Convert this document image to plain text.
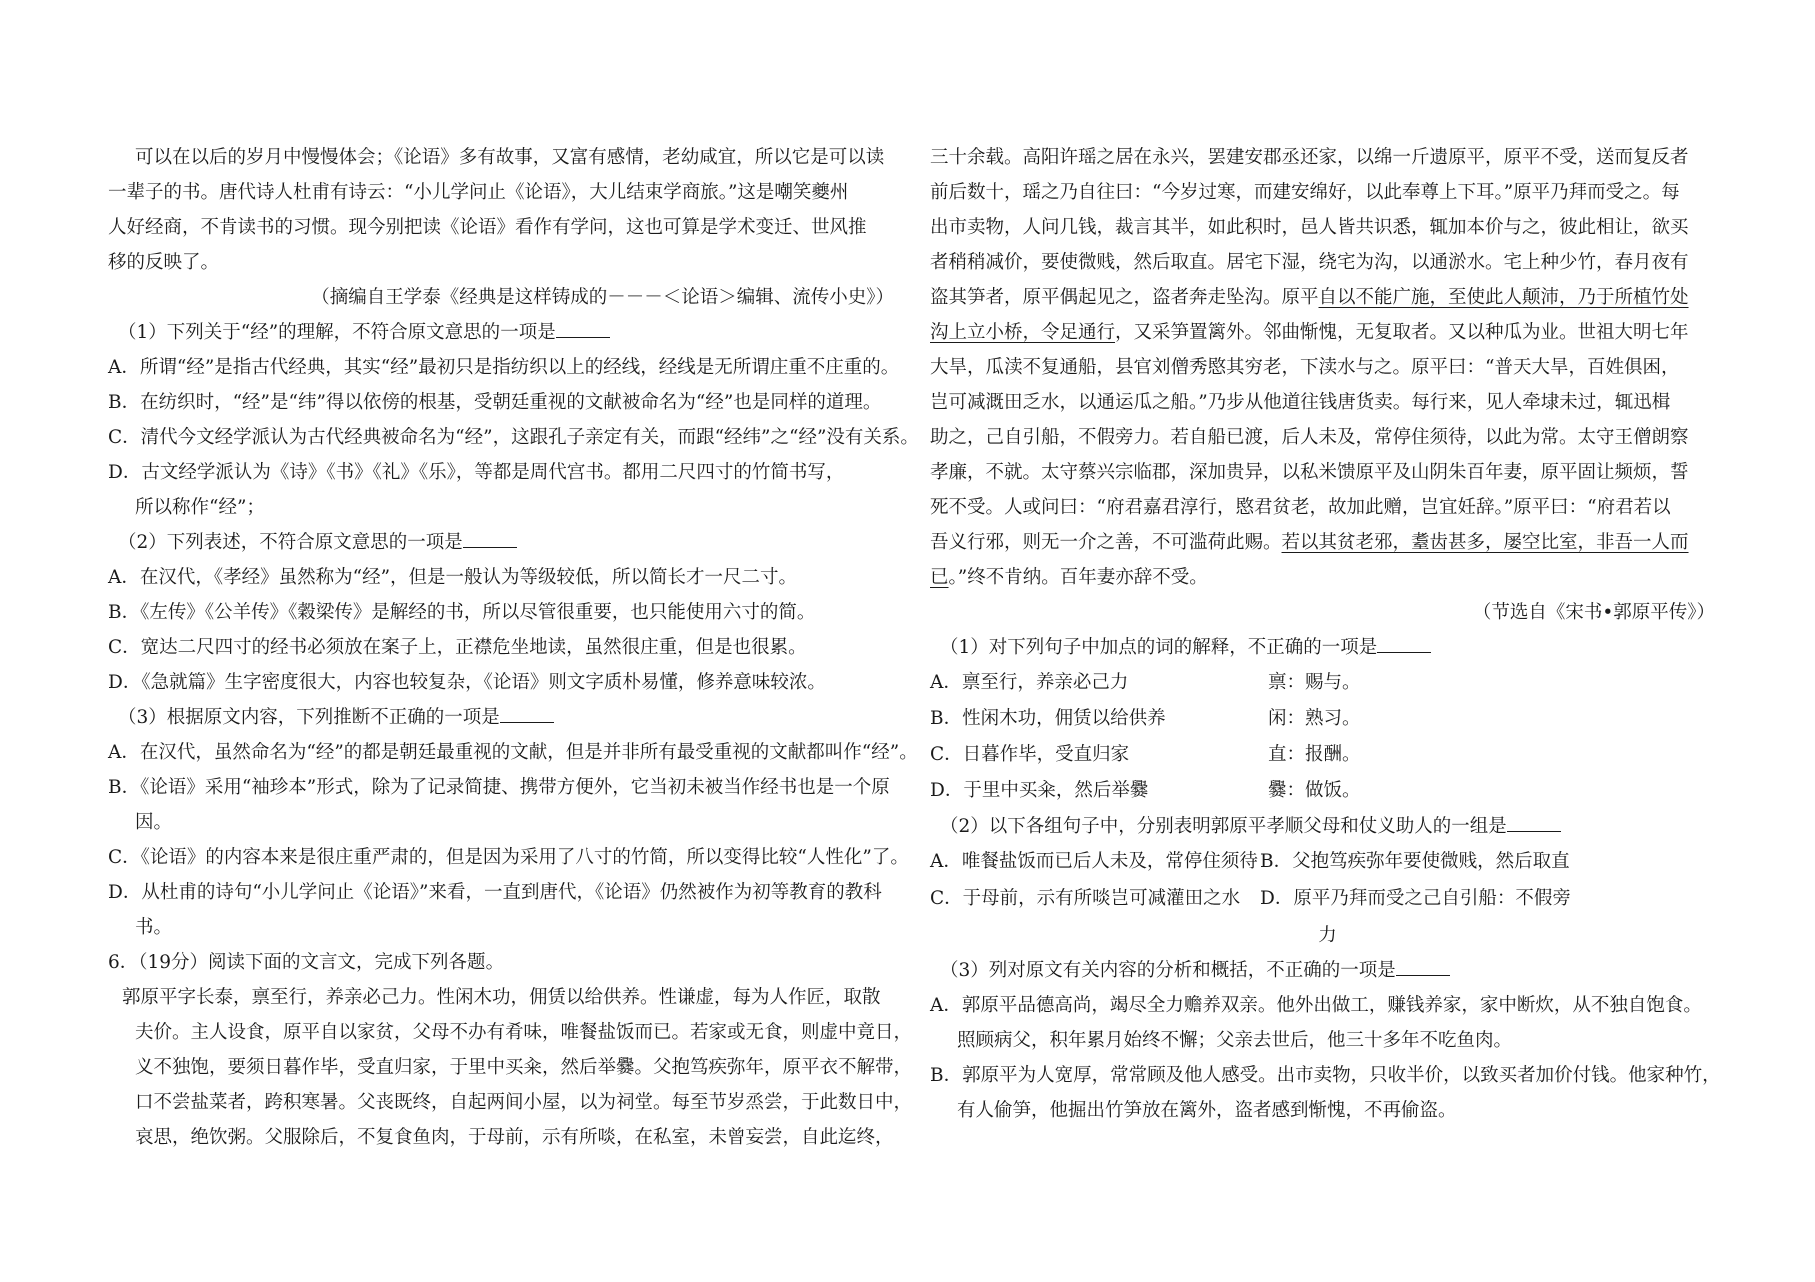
可以在以后的岁月中慢慢体会；《论语》多有故事，又富有感情，老幼咸宜，所以它是可以读
一辈子的书。唐代诗人杜甫有诗云：“小儿学问止《论语》，大儿结束学商旅。”这是嘲笑夔州
人好经商，不肯读书的习惯。现今别把读《论语》看作有学问，这也可算是学术变迁、世风推
移的反映了。
（摘编自王学泰《经典是这样铸成的－－－＜论语＞编辑、流传小史》）
（1）下列关于“经”的理解，不符合原文意思的一项是
A．所谓“经”是指古代经典，其实“经”最初只是指纺织以上的经线，经线是无所谓庄重不庄重的。
B．在纺织时，“经”是“纬”得以依傍的根基，受朝廷重视的文献被命名为“经”也是同样的道理。
C．清代今文经学派认为古代经典被命名为“经”，这跟孔子亲定有关，而跟“经纬”之“经”没有关系。
D．古文经学派认为《诗》《书》《礼》《乐》，等都是周代宫书。都用二尺四寸的竹简书写，
所以称作“经”；
（2）下列表述，不符合原文意思的一项是
A．在汉代，《孝经》虽然称为“经”，但是一般认为等级较低，所以简长才一尺二寸。
B．《左传》《公羊传》《穀梁传》是解经的书，所以尽管很重要，也只能使用六寸的简。
C．宽达二尺四寸的经书必须放在案子上，正襟危坐地读，虽然很庄重，但是也很累。
D．《急就篇》生字密度很大，内容也较复杂，《论语》则文字质朴易懂，修养意味较浓。
（3）根据原文内容，下列推断不正确的一项是
A．在汉代，虽然命名为“经”的都是朝廷最重视的文献，但是并非所有最受重视的文献都叫作“经”。
B．《论语》采用“袖珍本”形式，除为了记录简捷、携带方便外，它当初未被当作经书也是一个原
因。
C．《论语》的内容本来是很庄重严肃的，但是因为采用了八寸的竹简，所以变得比较“人性化”了。
D．从杜甫的诗句“小儿学问止《论语》”来看，一直到唐代，《论语》仍然被作为初等教育的教科
书。
6．（19分）阅读下面的文言文，完成下列各题。
郭原平字长泰，禀至行，养亲必己力。性闲木功，佣赁以给供养。性谦虚，每为人作匠，取散
夫价。主人设食，原平自以家贫，父母不办有肴味，唯餐盐饭而已。若家或无食，则虚中竟日，
义不独饱，要须日暮作毕，受直归家，于里中买籴，然后举爨。父抱笃疾弥年，原平衣不解带，
口不尝盐菜者，跨积寒暑。父丧既终，自起两间小屋，以为祠堂。每至节岁烝尝，于此数日中，
哀思，绝饮粥。父服除后，不复食鱼肉，于母前，示有所啖，在私室，未曾妄尝，自此迄终，
三十余载。高阳许瑶之居在永兴，罢建安郡丞还家，以绵一斤遗原平，原平不受，送而复反者
前后数十，瑶之乃自往曰：“今岁过寒，而建安绵好，以此奉尊上下耳。”原平乃拜而受之。每
出市卖物，人问几钱，裁言其半，如此积时，邑人皆共识悉，辄加本价与之，彼此相让，欲买
者稍稍减价，要使微贱，然后取直。居宅下湿，绕宅为沟，以通淤水。宅上种少竹，春月夜有
盗其笋者，原平偶起见之，盗者奔走坠沟。原平自以不能广施，至使此人颠沛，乃于所植竹处
沟上立小桥，令足通行，又采笋置篱外。邻曲惭愧，无复取者。又以种瓜为业。世祖大明七年
大旱，瓜渎不复通船，县官刘僧秀愍其穷老，下渎水与之。原平曰：“普天大旱，百姓俱困，
岂可减溉田乏水，以通运瓜之船。”乃步从他道往钱唐货卖。每行来，见人牵埭未过，辄迅楫
助之，己自引船，不假旁力。若自船已渡，后人未及，常停住须待，以此为常。太守王僧朗察
孝廉，不就。太守蔡兴宗临郡，深加贵异，以私米馈原平及山阴朱百年妻，原平固让频烦，誓
死不受。人或问曰：“府君嘉君淳行，愍君贫老，故加此赠，岂宜妊辞。”原平曰：“府君若以
吾义行邪，则无一介之善，不可滥荷此赐。若以其贫老邪，耋齿甚多，屡空比室，非吾一人而
已。”终不肯纳。百年妻亦辞不受。
（节选自《宋书•郭原平传》）
（1）对下列句子中加点的词的解释，不正确的一项是
A．禀至行，养亲必己力	禀：赐与。
B．性闲木功，佣赁以给供养	闲：熟习。
C．日暮作毕，受直归家	直：报酬。
D．于里中买籴，然后举爨	爨：做饭。
（2）以下各组句子中，分别表明郭原平孝顺父母和仗义助人的一组是
A．唯餐盐饭而已后人未及，常停住须待 B．父抱笃疾弥年要使微贱，然后取直
C．于母前，示有所啖岂可减灌田之水	D．原平乃拜而受之己自引船：不假旁
力
（3）列对原文有关内容的分析和概括，不正确的一项是
A．郭原平品德高尚，竭尽全力赡养双亲。他外出做工，赚钱养家，家中断炊，从不独自饱食。
照顾病父，积年累月始终不懈；父亲去世后，他三十多年不吃鱼肉。
B．郭原平为人宽厚，常常顾及他人感受。出市卖物，只收半价，以致买者加价付钱。他家种竹，
有人偷笋，他掘出竹笋放在篱外，盗者感到惭愧，不再偷盗。
